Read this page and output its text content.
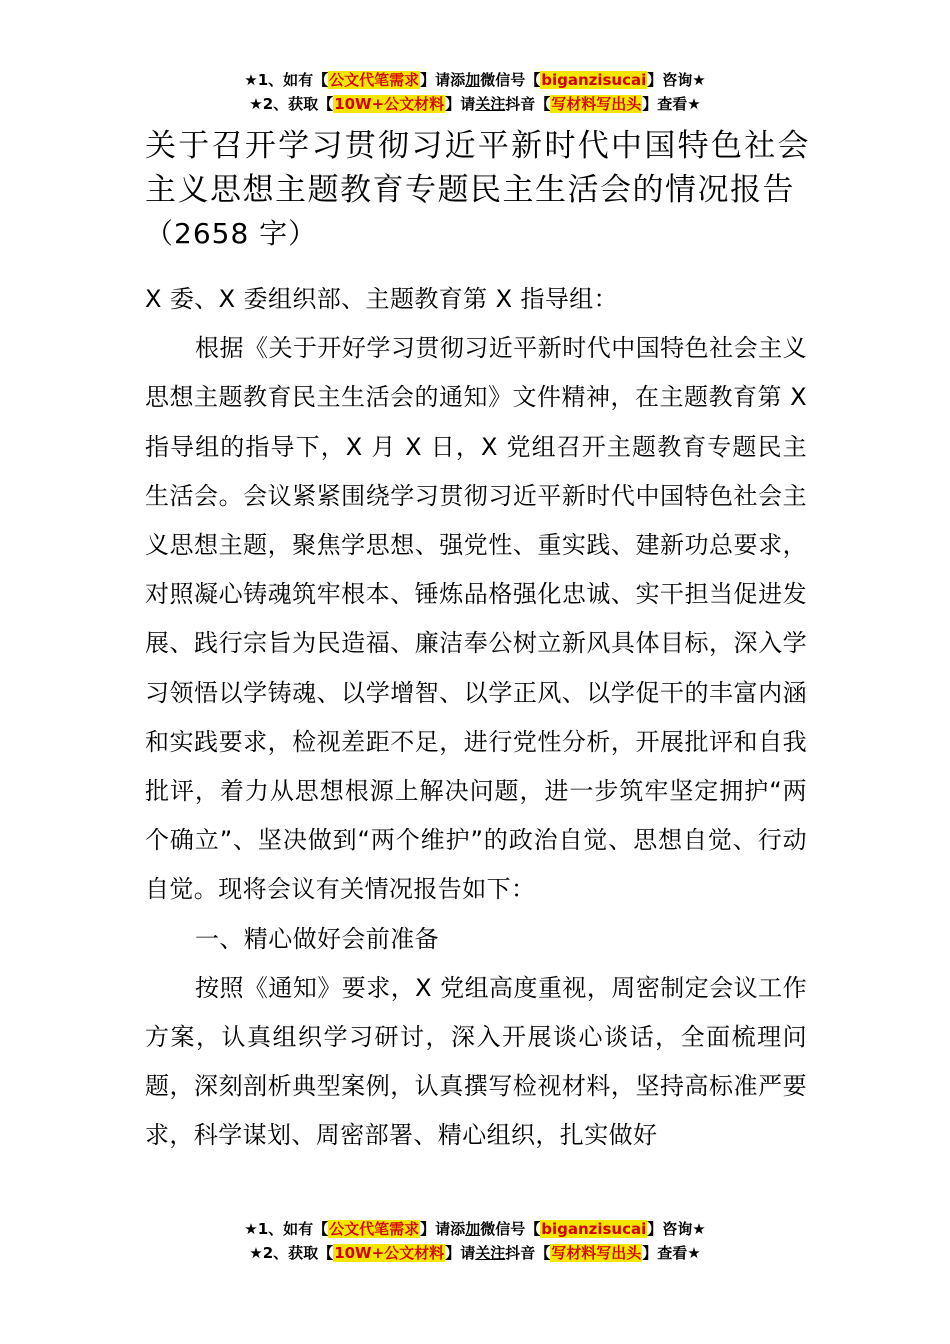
★1、如有【公文代笔需求】请添加微信号【biganzisucai】咨询★
★2、获取【10W+公文材料】请关注抖音【写材料写出头】查看★
关于召开学习贯彻习近平新时代中国特色社会主义思想主题教育专题民主生活会的情况报告
（2658 字）

X 委、X 委组织部、主题教育第 X 指导组：

根据《关于开好学习贯彻习近平新时代中国特色社会主义思想主题教育民主生活会的通知》文件精神，在主题教育第 X 指导组的指导下，X 月 X 日，X 党组召开主题教育专题民主生活会。会议紧紧围绕学习贯彻习近平新时代中国特色社会主义思想主题，聚焦学思想、强党性、重实践、建新功总要求，对照凝心铸魂筑牢根本、锤炼品格强化忠诚、实干担当促进发展、践行宗旨为民造福、廉洁奉公树立新风具体目标，深入学习领悟以学铸魂、以学增智、以学正风、以学促干的丰富内涵和实践要求，检视差距不足，进行党性分析，开展批评和自我批评，着力从思想根源上解决问题，进一步筑牢坚定拥护“两个确立”、坚决做到“两个维护”的政治自觉、思想自觉、行动自觉。现将会议有关情况报告如下：

一、精心做好会前准备

按照《通知》要求，X 党组高度重视，周密制定会议工作方案，认真组织学习研讨，深入开展谈心谈话，全面梳理问题，深刻剖析典型案例，认真撰写检视材料，坚持高标准严要求，科学谋划、周密部署、精心组织，扎实做好

★1、如有【公文代笔需求】请添加微信号【biganzisucai】咨询★
★2、获取【10W+公文材料】请关注抖音【写材料写出头】查看★
